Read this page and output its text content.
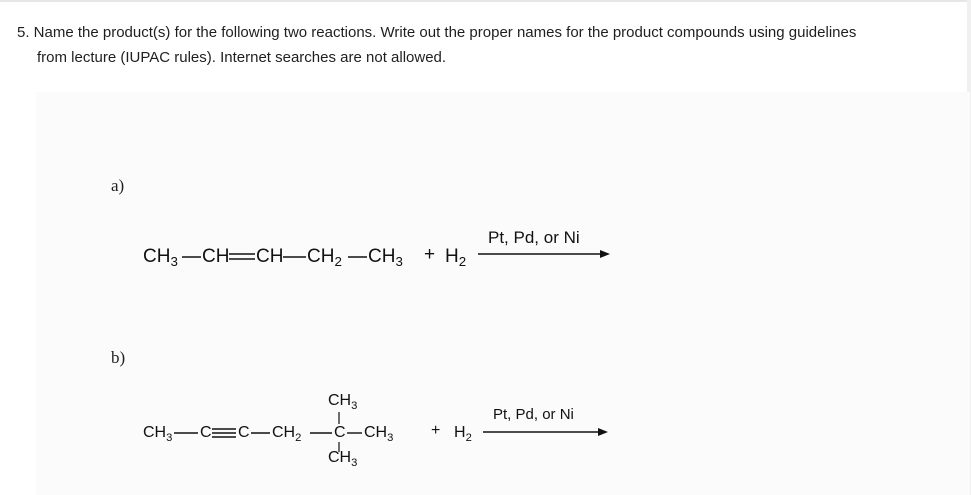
5. Name the product(s) for the following two reactions. Write out the proper names for the product compounds using guidelines
from lecture (IUPAC rules). Internet searches are not allowed.
a)
$CH_3$ CH CH $CH_2$ $CH_3 + H_2$
Pt, Pd, or Ni
b)
$CH_3$ C C $CH_2$ C $CH_3$
$CH_3$
$CH_3$
+ $H_2$
Pt, Pd, or Ni
